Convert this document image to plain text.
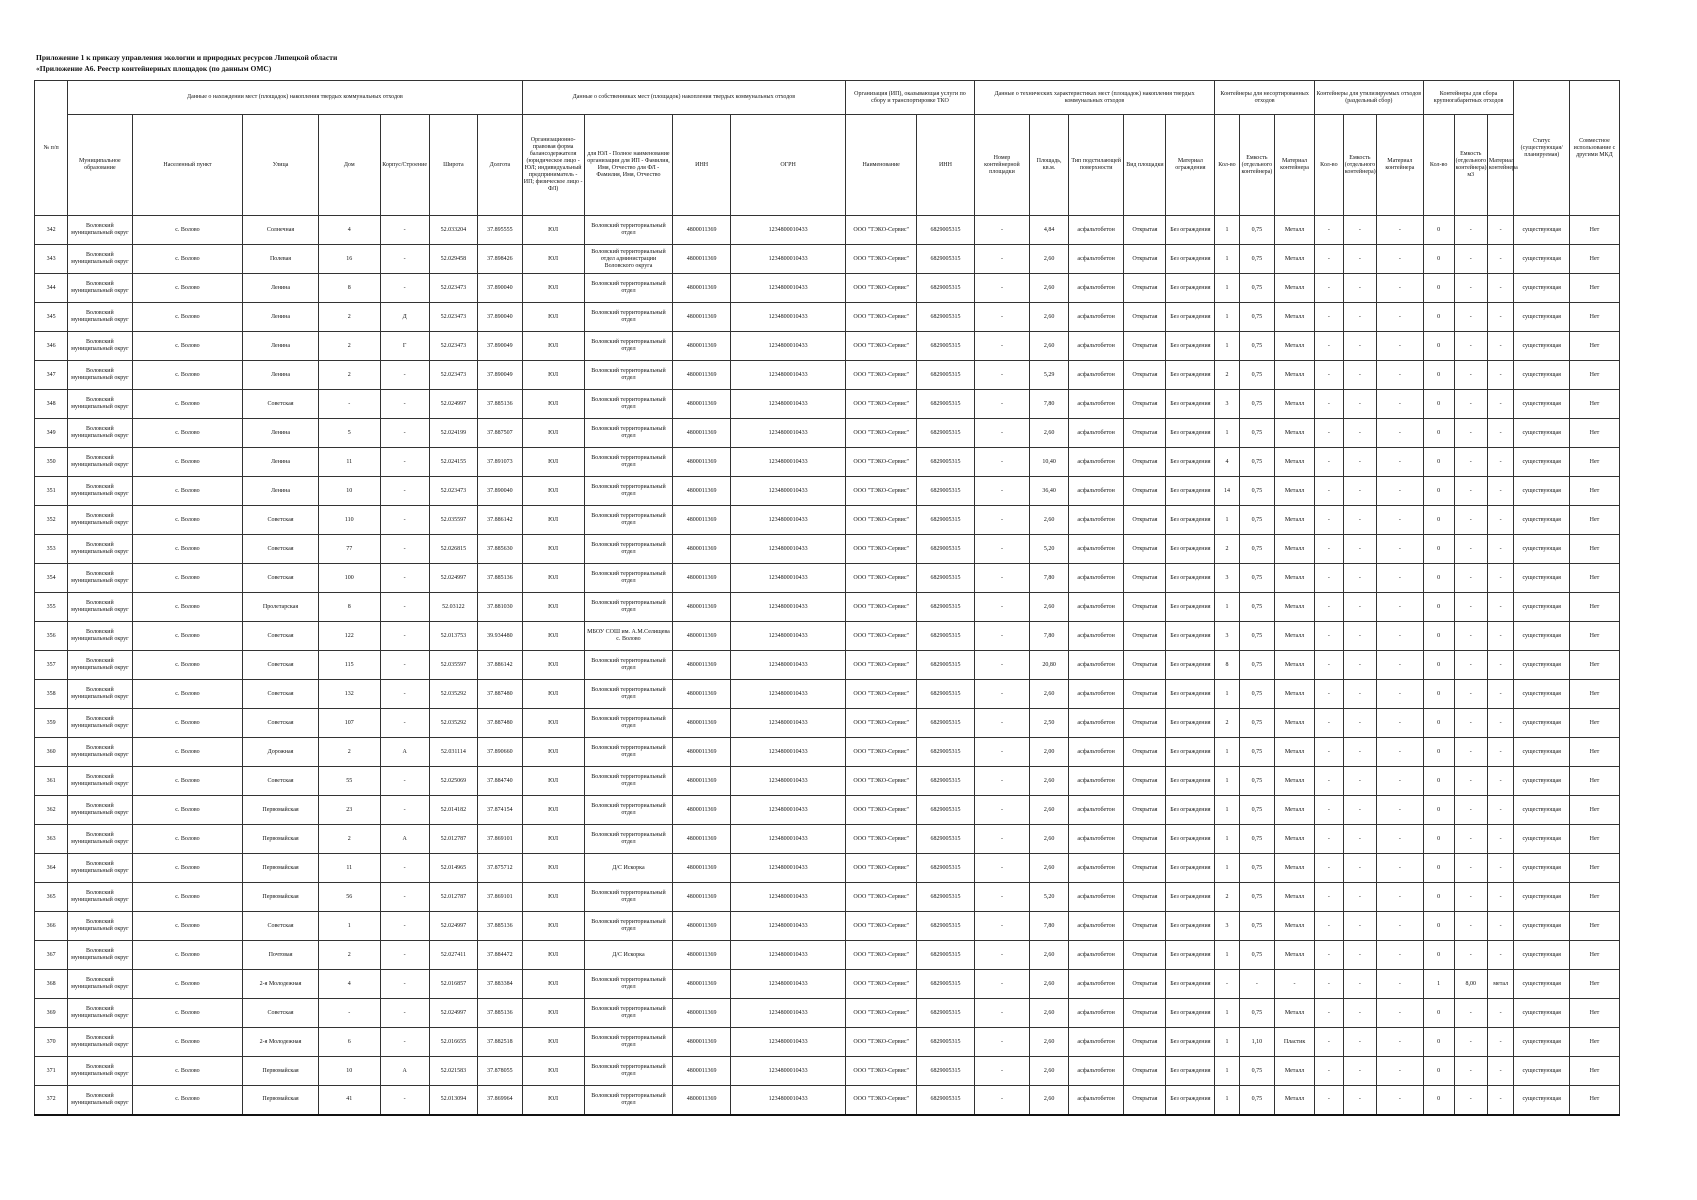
Приложение 1 к приказу управления экологии и природных ресурсов Липецкой области
«Приложение А6. Реестр контейнерных площадок (по данным ОМС)
№ п/п	Данные о нахождении мест (площадок) накопления твердых коммунальных отходов							Данные о собственниках мест (площадок) накопления твердых коммунальных отходов				Организация (ИП), оказывающая услуги по сбору и транспортировке ТКО		Данные о технических характеристиках мест (площадок) накопления твердых коммунальных отходов					Контейнеры для несортированных отходов			Контейнеры для утилизируемых отходов (раздельный сбор)			Контейнеры для сбора крупногабаритных отходов			Статус (существующая/ планируемая)	Совместное использование с другими МКД
	Муниципальное образование	Населенный пункт	Улица	Дом	Корпус/Строение	Широта	Долгота	Организационно-правовая форма балансодержателя (юридическое лицо - ЮЛ; индивидуальный предприниматель - ИП; физическое лицо - ФЛ)	для ЮЛ - Полное наименование организации для ИП - Фамилия, Имя, Отчество для ФЛ - Фамилия, Имя, Отчество	ИНН	ОГРН	Наименование	ИНН	Номер контейнерной площадки	Площадь, кв.м.	Тип подстилающей поверхности	Вид площадки	Материал ограждения	Кол-во	Емкость (отдельного контейнера)	Материал контейнера	Кол-во	Емкость (отдельного контейнера)	Материал контейнера	Кол-во	Емкость (отдельного контейнера) м3	Материал контейнера		
342	Воловский муниципальный округ	с. Волово	Солнечная	4	-	52.033204	37.895555	ЮЛ	Воловский территориальный отдел	4800011369	1234800010433	ООО "ТЭКО-Сервис"	6829005315	-	4,84	асфальтобетон	Открытая	Без ограждения	1	0,75	Металл	-	-	-	0	-	-	существующая	Нет
343	Воловский муниципальный округ	с. Волово	Полевая	16	-	52.029458	37.898426	ЮЛ	Воловский территориальный отдел администрации Воловского округа	4800011369	1234800010433	ООО "ТЭКО-Сервис"	6829005315	-	2,60	асфальтобетон	Открытая	Без ограждения	1	0,75	Металл	-	-	-	0	-	-	существующая	Нет
344	Воловский муниципальный округ	с. Волово	Ленина	8	-	52.023473	37.890040	ЮЛ	Воловский территориальный отдел	4800011369	1234800010433	ООО "ТЭКО-Сервис"	6829005315	-	2,60	асфальтобетон	Открытая	Без ограждения	1	0,75	Металл	-	-	-	0	-	-	существующая	Нет
345	Воловский муниципальный округ	с. Волово	Ленина	2	Д	52.023473	37.890040	ЮЛ	Воловский территориальный отдел	4800011369	1234800010433	ООО "ТЭКО-Сервис"	6829005315	-	2,60	асфальтобетон	Открытая	Без ограждения	1	0,75	Металл	-	-	-	0	-	-	существующая	Нет
346	Воловский муниципальный округ	с. Волово	Ленина	2	Г	52.023473	37.890049	ЮЛ	Воловский территориальный отдел	4800011369	1234800010433	ООО "ТЭКО-Сервис"	6829005315	-	2,60	асфальтобетон	Открытая	Без ограждения	1	0,75	Металл	-	-	-	0	-	-	существующая	Нет
347	Воловский муниципальный округ	с. Волово	Ленина	2	-	52.023473	37.890049	ЮЛ	Воловский территориальный отдел	4800011369	1234800010433	ООО "ТЭКО-Сервис"	6829005315	-	5,29	асфальтобетон	Открытая	Без ограждения	2	0,75	Металл	-	-	-	0	-	-	существующая	Нет
348	Воловский муниципальный округ	с. Волово	Советская	-	-	52.024997	37.885136	ЮЛ	Воловский территориальный отдел	4800011369	1234800010433	ООО "ТЭКО-Сервис"	6829005315	-	7,80	асфальтобетон	Открытая	Без ограждения	3	0,75	Металл	-	-	-	0	-	-	существующая	Нет
349	Воловский муниципальный округ	с. Волово	Ленина	5	-	52.024199	37.887507	ЮЛ	Воловский территориальный отдел	4800011369	1234800010433	ООО "ТЭКО-Сервис"	6829005315	-	2,60	асфальтобетон	Открытая	Без ограждения	1	0,75	Металл	-	-	-	0	-	-	существующая	Нет
350	Воловский муниципальный округ	с. Волово	Ленина	11	-	52.024155	37.891073	ЮЛ	Воловский территориальный отдел	4800011369	1234800010433	ООО "ТЭКО-Сервис"	6829005315	-	10,40	асфальтобетон	Открытая	Без ограждения	4	0,75	Металл	-	-	-	0	-	-	существующая	Нет
351	Воловский муниципальный округ	с. Волово	Ленина	10	-	52.023473	37.890040	ЮЛ	Воловский территориальный отдел	4800011369	1234800010433	ООО "ТЭКО-Сервис"	6829005315	-	36,40	асфальтобетон	Открытая	Без ограждения	14	0,75	Металл	-	-	-	0	-	-	существующая	Нет
352	Воловский муниципальный округ	с. Волово	Советская	110	-	52.035597	37.886142	ЮЛ	Воловский территориальный отдел	4800011369	1234800010433	ООО "ТЭКО-Сервис"	6829005315	-	2,60	асфальтобетон	Открытая	Без ограждения	1	0,75	Металл	-	-	-	0	-	-	существующая	Нет
353	Воловский муниципальный округ	с. Волово	Советская	77	-	52.026815	37.885630	ЮЛ	Воловский территориальный отдел	4800011369	1234800010433	ООО "ТЭКО-Сервис"	6829005315	-	5,20	асфальтобетон	Открытая	Без ограждения	2	0,75	Металл	-	-	-	0	-	-	существующая	Нет
354	Воловский муниципальный округ	с. Волово	Советская	100	-	52.024997	37.885136	ЮЛ	Воловский территориальный отдел	4800011369	1234800010433	ООО "ТЭКО-Сервис"	6829005315	-	7,80	асфальтобетон	Открытая	Без ограждения	3	0,75	Металл	-	-	-	0	-	-	существующая	Нет
355	Воловский муниципальный округ	с. Волово	Пролетарская	8	-	52.03122	37.881030	ЮЛ	Воловский территориальный отдел	4800011369	1234800010433	ООО "ТЭКО-Сервис"	6829005315	-	2,60	асфальтобетон	Открытая	Без ограждения	1	0,75	Металл	-	-	-	0	-	-	существующая	Нет
356	Воловский муниципальный округ	с. Волово	Советская	122	-	52.013753	39.934480	ЮЛ	МБОУ СОШ им. А.М.Селищева с. Волово	4800011369	1234800010433	ООО "ТЭКО-Сервис"	6829005315	-	7,80	асфальтобетон	Открытая	Без ограждения	3	0,75	Металл	-	-	-	0	-	-	существующая	Нет
357	Воловский муниципальный округ	с. Волово	Советская	115	-	52.035597	37.886142	ЮЛ	Воловский территориальный отдел	4800011369	1234800010433	ООО "ТЭКО-Сервис"	6829005315	-	20,80	асфальтобетон	Открытая	Без ограждения	8	0,75	Металл	-	-	-	0	-	-	существующая	Нет
358	Воловский муниципальный округ	с. Волово	Советская	132	-	52.035292	37.887480	ЮЛ	Воловский территориальный отдел	4800011369	1234800010433	ООО "ТЭКО-Сервис"	6829005315	-	2,60	асфальтобетон	Открытая	Без ограждения	1	0,75	Металл	-	-	-	0	-	-	существующая	Нет
359	Воловский муниципальный округ	с. Волово	Советская	107	-	52.035292	37.887480	ЮЛ	Воловский территориальный отдел	4800011369	1234800010433	ООО "ТЭКО-Сервис"	6829005315	-	2,50	асфальтобетон	Открытая	Без ограждения	2	0,75	Металл	-	-	-	0	-	-	существующая	Нет
360	Воловский муниципальный округ	с. Волово	Дорожная	2	А	52.031114	37.890660	ЮЛ	Воловский территориальный отдел	4800011369	1234800010433	ООО "ТЭКО-Сервис"	6829005315	-	2,00	асфальтобетон	Открытая	Без ограждения	1	0,75	Металл	-	-	-	0	-	-	существующая	Нет
361	Воловский муниципальный округ	с. Волово	Советская	55	-	52.025069	37.884740	ЮЛ	Воловский территориальный отдел	4800011369	1234800010433	ООО "ТЭКО-Сервис"	6829005315	-	2,60	асфальтобетон	Открытая	Без ограждения	1	0,75	Металл	-	-	-	0	-	-	существующая	Нет
362	Воловский муниципальный округ	с. Волово	Первомайская	23	-	52.014182	37.874154	ЮЛ	Воловский территориальный отдел	4800011369	1234800010433	ООО "ТЭКО-Сервис"	6829005315	-	2,60	асфальтобетон	Открытая	Без ограждения	1	0,75	Металл	-	-	-	0	-	-	существующая	Нет
363	Воловский муниципальный округ	с. Волово	Первомайская	2	А	52.012787	37.869101	ЮЛ	Воловский территориальный отдел	4800011369	1234800010433	ООО "ТЭКО-Сервис"	6829005315	-	2,60	асфальтобетон	Открытая	Без ограждения	1	0,75	Металл	-	-	-	0	-	-	существующая	Нет
364	Воловский муниципальный округ	с. Волово	Первомайская	11	-	52.014965	37.875712	ЮЛ	Д/С Искорка	4800011369	1234800010433	ООО "ТЭКО-Сервис"	6829005315	-	2,60	асфальтобетон	Открытая	Без ограждения	1	0,75	Металл	-	-	-	0	-	-	существующая	Нет
365	Воловский муниципальный округ	с. Волово	Первомайская	56	-	52.012787	37.869101	ЮЛ	Воловский территориальный отдел	4800011369	1234800010433	ООО "ТЭКО-Сервис"	6829005315	-	5,20	асфальтобетон	Открытая	Без ограждения	2	0,75	Металл	-	-	-	0	-	-	существующая	Нет
366	Воловский муниципальный округ	с. Волово	Советская	1	-	52.024997	37.885136	ЮЛ	Воловский территориальный отдел	4800011369	1234800010433	ООО "ТЭКО-Сервис"	6829005315	-	7,80	асфальтобетон	Открытая	Без ограждения	3	0,75	Металл	-	-	-	0	-	-	существующая	Нет
367	Воловский муниципальный округ	с. Волово	Почтовая	2	-	52.027411	37.884472	ЮЛ	Д/С Искорка	4800011369	1234800010433	ООО "ТЭКО-Сервис"	6829005315	-	2,60	асфальтобетон	Открытая	Без ограждения	1	0,75	Металл	-	-	-	0	-	-	существующая	Нет
368	Воловский муниципальный округ	с. Волово	2-я Молодежная	4	-	52.016857	37.883384	ЮЛ	Воловский территориальный отдел	4800011369	1234800010433	ООО "ТЭКО-Сервис"	6829005315	-	2,60	асфальтобетон	Открытая	Без ограждения	-	-	-	-	-	-	1	8,00	метал	существующая	Нет
369	Воловский муниципальный округ	с. Волово	Советская	-	-	52.024997	37.885136	ЮЛ	Воловский территориальный отдел	4800011369	1234800010433	ООО "ТЭКО-Сервис"	6829005315	-	2,60	асфальтобетон	Открытая	Без ограждения	1	0,75	Металл	-	-	-	0	-	-	существующая	Нет
370	Воловский муниципальный округ	с. Волово	2-я Молодежная	6	-	52.016655	37.882518	ЮЛ	Воловский территориальный отдел	4800011369	1234800010433	ООО "ТЭКО-Сервис"	6829005315	-	2,60	асфальтобетон	Открытая	Без ограждения	1	1,10	Пластик	-	-	-	0	-	-	существующая	Нет
371	Воловский муниципальный округ	с. Волово	Первомайская	10	А	52.021583	37.878055	ЮЛ	Воловский территориальный отдел	4800011369	1234800010433	ООО "ТЭКО-Сервис"	6829005315	-	2,60	асфальтобетон	Открытая	Без ограждения	1	0,75	Металл	-	-	-	0	-	-	существующая	Нет
372	Воловский муниципальный округ	с. Волово	Первомайская	41	-	52.013094	37.869964	ЮЛ	Воловский территориальный отдел	4800011369	1234800010433	ООО "ТЭКО-Сервис"	6829005315	-	2,60	асфальтобетон	Открытая	Без ограждения	1	0,75	Металл	-	-	-	0	-	-	существующая	Нет
